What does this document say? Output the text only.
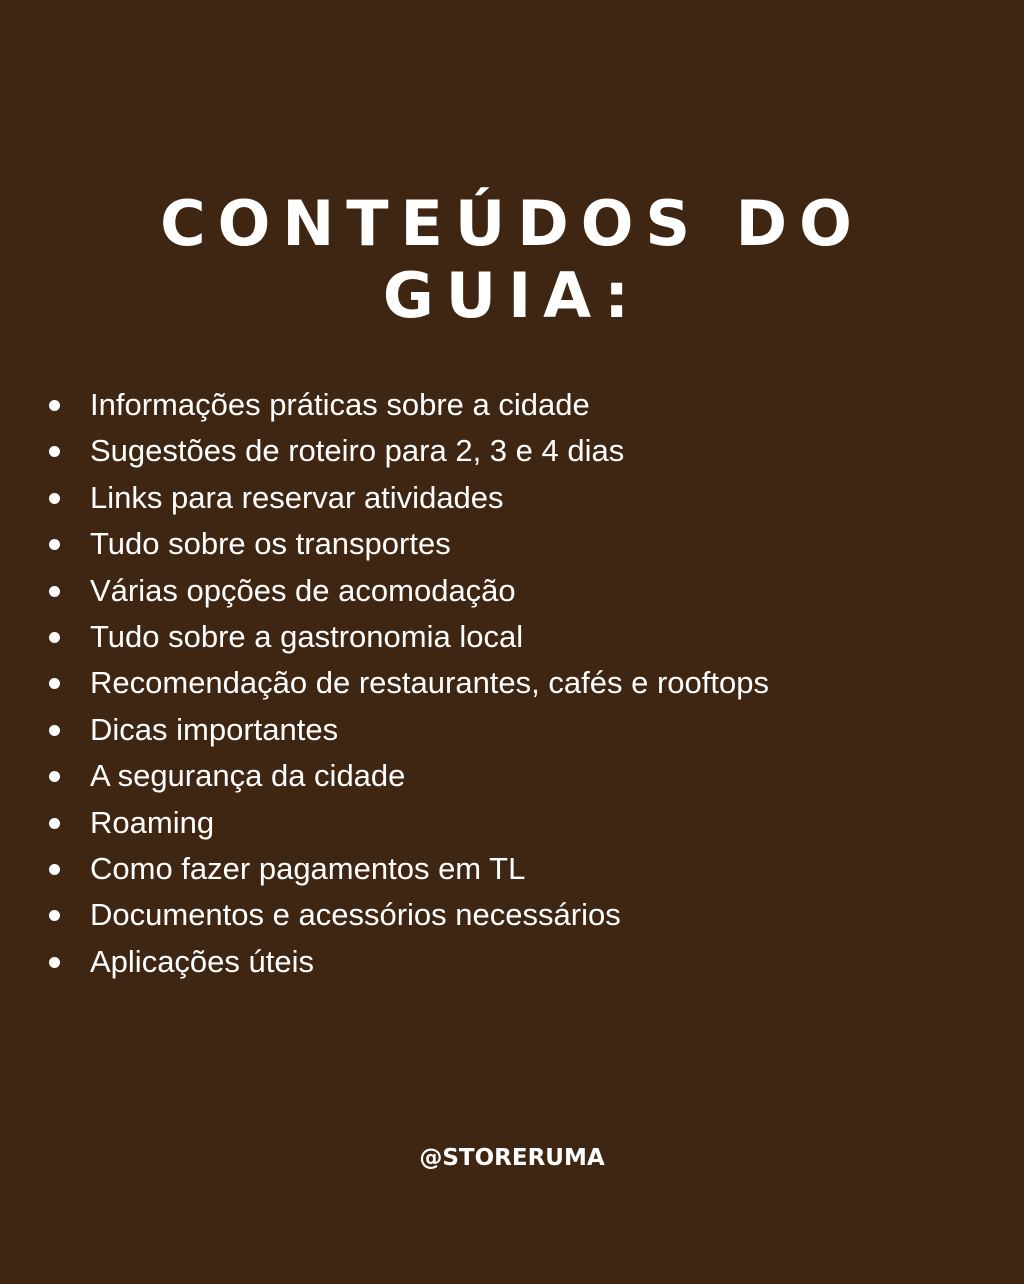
CONTEÚDOS DO
GUIA:
Informações práticas sobre a cidade
Sugestões de roteiro para 2, 3 e 4 dias
Links para reservar atividades
Tudo sobre os transportes
Várias opções de acomodação
Tudo sobre a gastronomia local
Recomendação de restaurantes, cafés e rooftops
Dicas importantes
A segurança da cidade
Roaming
Como fazer pagamentos em TL
Documentos e acessórios necessários
Aplicações úteis
@STORERUMA
